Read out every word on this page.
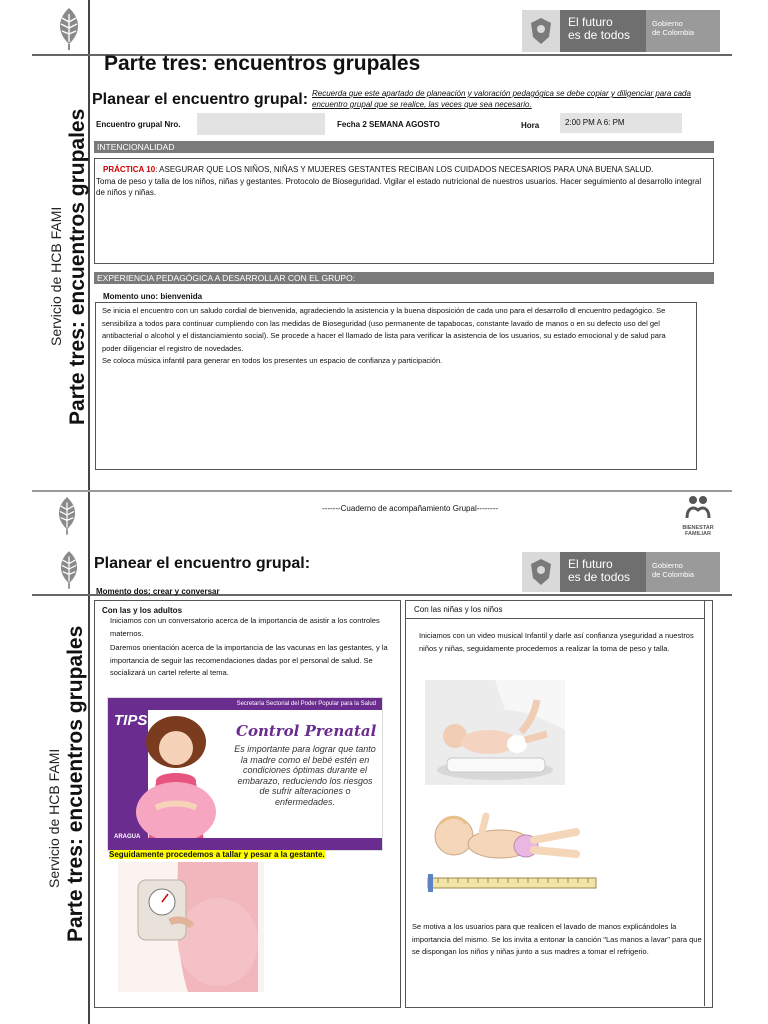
El futuro
es de todos
Gobierno
de Colombia
Parte tres: encuentros grupales
Servicio de HCB FAMI
Parte tres: encuentros grupales
Planear el encuentro grupal: Recuerda que este apartado de planeación y valoración pedagógica se debe copiar y diligenciar para cada encuentro grupal que se realice, las veces que sea necesario.
Encuentro grupal Nro.	Fecha 2 SEMANA AGOSTO	Hora	2:00 PM A 6: PM
INTENCIONALIDAD
PRÁCTICA 10: ASEGURAR QUE LOS NIÑOS, NIÑAS Y MUJERES GESTANTES RECIBAN LOS CUIDADOS NECESARIOS PARA UNA BUENA SALUD.
Toma de peso y talla de los niños, niñas y gestantes. Protocolo de Bioseguridad. Vigilar el estado nutricional de nuestros usuarios. Hacer seguimiento al desarrollo integral de niños y niñas.
EXPERIENCIA PEDAGÓGICA A DESARROLLAR CON EL GRUPO:
Momento uno: bienvenida
Se inicia el encuentro con un saludo cordial de bienvenida, agradeciendo la asistencia y la buena disposición de cada uno para el desarrollo dl encuentro pedagógico. Se sensibiliza a todos para continuar cumpliendo con las medidas de Bioseguridad (uso permanente de tapabocas, constante lavado de manos o en su defecto uso del gel antibacterial o alcohol y el distanciamiento social). Se procede a hacer el llamado de lista para verificar la asistencia de los usuarios, su estado emocional y de salud para poder diligenciar el registro de novedades.
Se coloca música infantil para generar en todos los presentes un espacio de confianza y participación.
-------Cuaderno de acompañamiento Grupal--------
BIENESTAR
FAMILIAR
El futuro
es de todos
Gobierno
de Colombia
Parte tres: encuentros grupales
Servicio de HCB FAMI
Planear el encuentro grupal:
Momento dos: crear y conversar
Con las y los adultos
Iniciamos con un conversatorio acerca de la importancia de asistir a los controles maternos.
Daremos orientación acerca de la importancia de las vacunas en las gestantes, y la importancia de seguir las recomendaciones dadas por el personal de salud. Se socializará un cartel referte al tema.
Secretaría Sectorial del Poder Popular para la Salud
TIPS
Control Prenatal
Es importante para lograr que tanto la madre como el bebé estén en condiciones óptimas durante el embarazo, reduciendo los riesgos de sufrir alteraciones o enfermedades.
ARAGUA
Seguidamente procedemos a tallar y pesar a la gestante.
Con las niñas y los niños
Iniciamos con un video musical Infantil y darle así confianza yseguridad a nuestros niños y niñas, seguidamente procedemos a realizar la toma de peso y talla.
Se motiva a los usuarios para que realicen el lavado de manos explicándoles la importancia del mismo. Se los invita a entonar la canción "Las manos a lavar" para que se dispongan los niños y niñas junto a sus madres a tomar el refrigerio.
